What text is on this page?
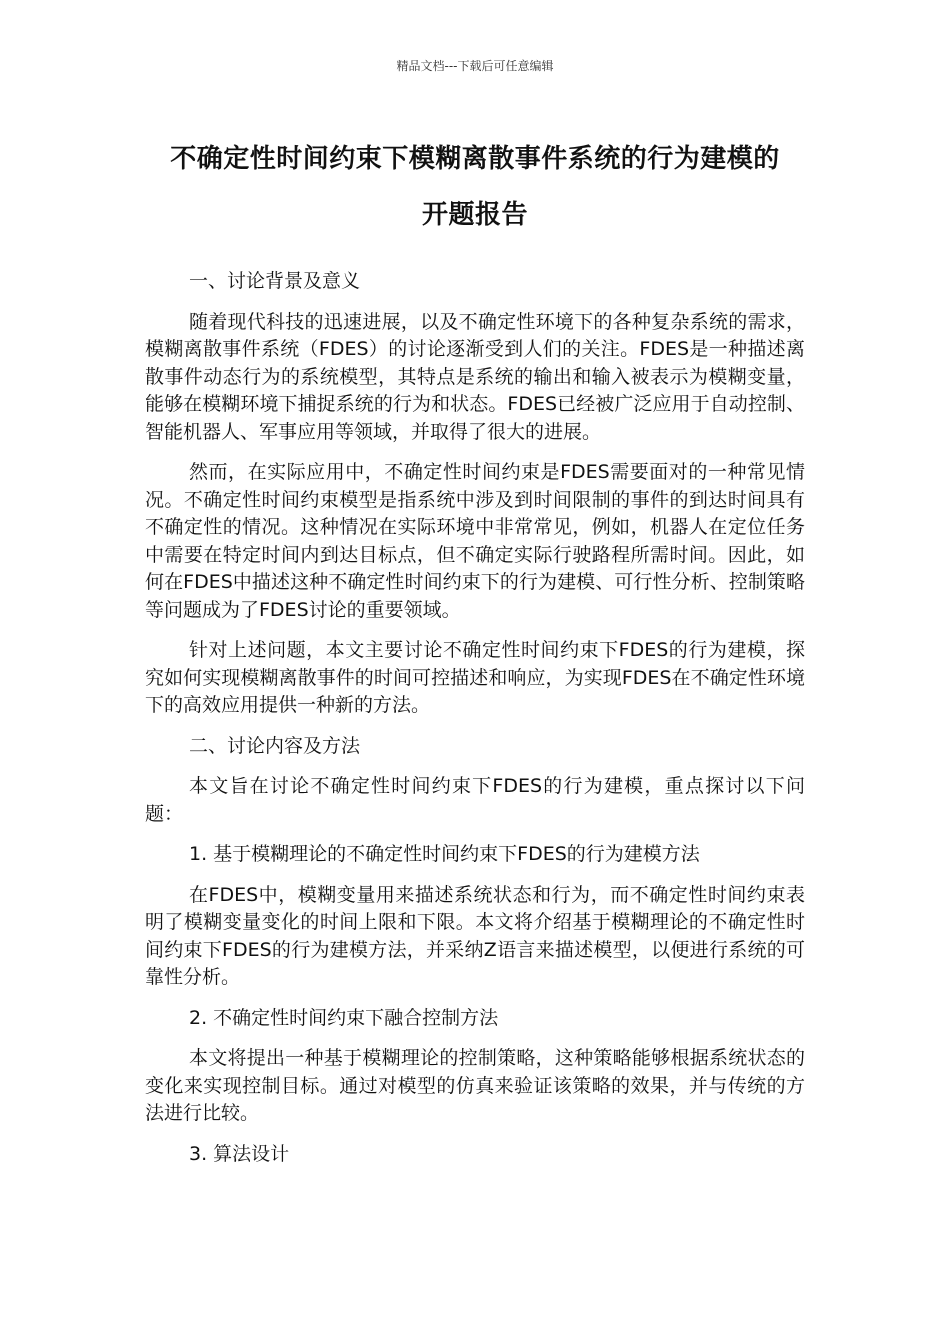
精品文档---下载后可任意编辑
不确定性时间约束下模糊离散事件系统的行为建模的
开题报告

一、讨论背景及意义

随着现代科技的迅速进展，以及不确定性环境下的各种复杂系统的需求，模糊离散事件系统（FDES）的讨论逐渐受到人们的关注。FDES是一种描述离散事件动态行为的系统模型，其特点是系统的输出和输入被表示为模糊变量，能够在模糊环境下捕捉系统的行为和状态。FDES已经被广泛应用于自动控制、智能机器人、军事应用等领域，并取得了很大的进展。

然而，在实际应用中，不确定性时间约束是FDES需要面对的一种常见情况。不确定性时间约束模型是指系统中涉及到时间限制的事件的到达时间具有不确定性的情况。这种情况在实际环境中非常常见，例如，机器人在定位任务中需要在特定时间内到达目标点，但不确定实际行驶路程所需时间。因此，如何在FDES中描述这种不确定性时间约束下的行为建模、可行性分析、控制策略等问题成为了FDES讨论的重要领域。

针对上述问题，本文主要讨论不确定性时间约束下FDES的行为建模，探究如何实现模糊离散事件的时间可控描述和响应，为实现FDES在不确定性环境下的高效应用提供一种新的方法。

二、讨论内容及方法

本文旨在讨论不确定性时间约束下FDES的行为建模，重点探讨以下问题：

1. 基于模糊理论的不确定性时间约束下FDES的行为建模方法

在FDES中，模糊变量用来描述系统状态和行为，而不确定性时间约束表明了模糊变量变化的时间上限和下限。本文将介绍基于模糊理论的不确定性时间约束下FDES的行为建模方法，并采纳Z语言来描述模型，以便进行系统的可靠性分析。

2. 不确定性时间约束下融合控制方法

本文将提出一种基于模糊理论的控制策略，这种策略能够根据系统状态的变化来实现控制目标。通过对模型的仿真来验证该策略的效果，并与传统的方法进行比较。

3. 算法设计
